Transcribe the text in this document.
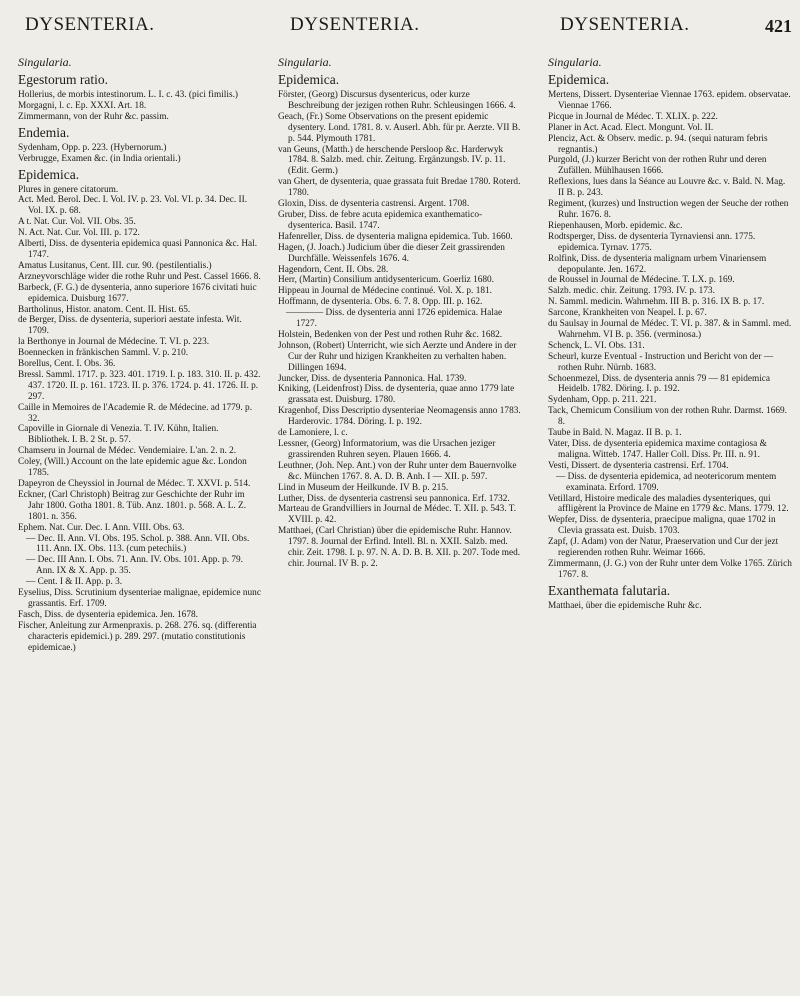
DYSENTERIA.	DYSENTERIA.	DYSENTERIA.	421

Singularia.

Egestorum ratio.

Hollerius, de morbis intestinorum. L. I. c. 43. (pici fimilis.)

Morgagni, l. c. Ep. XXXI. Art. 18.

Zimmermann, von der Ruhr &c. passim.

Endemia.

Sydenham, Opp. p. 223. (Hybernorum.)

Verbrugge, Examen &c. (in India orientali.)

Epidemica.

Plures in genere citatorum.

Act. Med. Berol. Dec. I. Vol. IV. p. 23. Vol. VI. p. 34. Dec. II. Vol. IX. p. 68.

A t. Nat. Cur. Vol. VII. Obs. 35.

N. Act. Nat. Cur. Vol. III. p. 172.

Alberti, Diss. de dysenteria epidemica quasi Pannonica &c. Hal. 1747.

Amatus Lusitanus, Cent. III. cur. 90. (pestilentialis.)

Arzneyvorschläge wider die rothe Ruhr und Pest. Cassel 1666. 8.

Barbeck, (F. G.) de dysenteria, anno superiore 1676 civitati huic epidemica. Duisburg 1677.

Bartholinus, Histor. anatom. Cent. II. Hist. 65.

de Berger, Diss. de dysenteria, superiori aestate infesta. Wit. 1709.

la Berthonye in Journal de Médecine. T. VI. p. 223.

Boennecken in fränkischen Samml. V. p. 210.

Borellus, Cent. I. Obs. 36.

Bressl. Samml. 1717. p. 323. 401. 1719. I. p. 183. 310. II. p. 432. 437. 1720. II. p. 161. 1723. II. p. 376. 1724. p. 41. 1726. II. p. 297.

Caille in Memoires de l'Academie R. de Médecine. ad 1779. p. 32.

Capoville in Giornale di Venezia. T. IV. Kühn, Italien. Bibliothek. I. B. 2 St. p. 57.

Chamseru in Journal de Médec. Vendemiaire. L'an. 2. n. 2.

Coley, (Will.) Account on the late epidemic ague &c. London 1785.

Dapeyron de Cheyssiol in Journal de Médec. T. XXVI. p. 514.

Eckner, (Carl Christoph) Beitrag zur Geschichte der Ruhr im Jahr 1800. Gotha 1801. 8. Tüb. Anz. 1801. p. 568. A. L. Z. 1801. n. 356.

Ephem. Nat. Cur. Dec. I. Ann. VIII. Obs. 63.

— Dec. II. Ann. VI. Obs. 195. Schol. p. 388. Ann. VII. Obs. 111. Ann. IX. Obs. 113. (cum petechiis.)

— Dec. III Ann. I. Obs. 71. Ann. IV. Obs. 101. App. p. 79. Ann. IX & X. App. p. 35.

— Cent. I & II. App. p. 3.

Eyselius, Diss. Scrutinium dysenteriae malignae, epidemice nunc grassantis. Erf. 1709.

Fasch, Diss. de dysenteria epidemica. Jen. 1678.

Fischer, Anleitung zur Armenpraxis. p. 268. 276. sq. (differentia characteris epidemici.) p. 289. 297. (mutatio constitutionis epidemicae.)

Singularia.

Epidemica.

Förster, (Georg) Discursus dysentericus, oder kurze Beschreibung der jezigen rothen Ruhr. Schleusingen 1666. 4.

Geach, (Fr.) Some Observations on the present epidemic dysentery. Lond. 1781. 8. v. Auserl. Abh. für pr. Aerzte. VII B. p. 544. Plymouth 1781.

van Geuns, (Matth.) de herschende Persloop &c. Harderwyk 1784. 8. Salzb. med. chir. Zeitung. Ergänzungsb. IV. p. 11. (Edit. Germ.)

van Ghert, de dysenteria, quae grassata fuit Bredae 1780. Roterd. 1780.

Gloxin, Diss. de dysenteria castrensi. Argent. 1708.

Gruber, Diss. de febre acuta epidemica exanthematico-dysenterica. Basil. 1747.

Hafenreller, Diss. de dysenteria maligna epidemica. Tub. 1660.

Hagen, (J. Joach.) Judicium über die dieser Zeit grassirenden Durchfälle. Weissenfels 1676. 4.

Hagendorn, Cent. II. Obs. 28.

Herr, (Martin) Consilium antidysentericum. Goerliz 1680.

Hippeau in Journal de Médecine continué. Vol. X. p. 181.

Hoffmann, de dysenteria. Obs. 6. 7. 8. Opp. III. p. 162.

———— Diss. de dysenteria anni 1726 epidemica. Halae 1727.

Holstein, Bedenken von der Pest und rothen Ruhr &c. 1682.

Johnson, (Robert) Unterricht, wie sich Aerzte und Andere in der Cur der Ruhr und hizigen Krankheiten zu verhalten haben. Dillingen 1694.

Juncker, Diss. de dysenteria Pannonica. Hal. 1739.

Kniking, (Leidenfrost) Diss. de dysenteria, quae anno 1779 late grassata est. Duisburg. 1780.

Kragenhof, Diss Descriptio dysenteriae Neomagensis anno 1783. Harderovic. 1784. Döring. I. p. 192.

de Lamoniere, l. c.

Lessner, (Georg) Informatorium, was die Ursachen jeziger grassirenden Ruhren seyen. Plauen 1666. 4.

Leuthner, (Joh. Nep. Ant.) von der Ruhr unter dem Bauernvolke &c. München 1767. 8. A. D. B. Anh. I — XII. p. 597.

Lind in Museum der Heilkunde. IV B. p. 215.

Luther, Diss. de dysenteria castrensi seu pannonica. Erf. 1732.

Marteau de Grandvilliers in Journal de Médec. T. XII. p. 543. T. XVIII. p. 42.

Matthaei, (Carl Christian) über die epidemische Ruhr. Hannov. 1797. 8. Journal der Erfind. Intell. Bl. n. XXII. Salzb. med. chir. Zeit. 1798. I. p. 97. N. A. D. B. B. XII. p. 207. Tode med. chir. Journal. IV B. p. 2.

Singularia.

Epidemica.

Mertens, Dissert. Dysenteriae Viennae 1763. epidem. observatae. Viennae 1766.

Picque in Journal de Médec. T. XLIX. p. 222.

Planer in Act. Acad. Elect. Mongunt. Vol. II.

Plenciz, Act. & Observ. medic. p. 94. (sequi naturam febris regnantis.)

Purgold, (J.) kurzer Bericht von der rothen Ruhr und deren Zufällen. Mühlhausen 1666.

Reflexions, lues dans la Séance au Louvre &c. v. Bald. N. Mag. II B. p. 243.

Regiment, (kurzes) und Instruction wegen der Seuche der rothen Ruhr. 1676. 8.

Riepenhausen, Morb. epidemic. &c.

Rodtsperger, Diss. de dysenteria Tyrnaviensi ann. 1775. epidemica. Tyrnav. 1775.

Rolfink, Diss. de dysenteria malignam urbem Vinariensem depopulante. Jen. 1672.

de Roussel in Journal de Médecine. T. LX. p. 169.

Salzb. medic. chir. Zeitung. 1793. IV. p. 173.

N. Samml. medicin. Wahrnehm. III B. p. 316. IX B. p. 17.

Sarcone, Krankheiten von Neapel. I. p. 67.

du Saulsay in Journal de Médec. T. VI. p. 387. & in Samml. med. Wahrnehm. VI B. p. 356. (verminosa.)

Schenck, L. VI. Obs. 131.

Scheurl, kurze Eventual - Instruction und Bericht von der — rothen Ruhr. Nürnb. 1683.

Schoenmezel, Diss. de dysenteria annis 79 — 81 epidemica Heidelb. 1782. Döring. I. p. 192.

Sydenham, Opp. p. 211. 221.

Tack, Chemicum Consilium von der rothen Ruhr. Darmst. 1669. 8.

Taube in Bald. N. Magaz. II B. p. 1.

Vater, Diss. de dysenteria epidemica maxime contagiosa & maligna. Witteb. 1747. Haller Coll. Diss. Pr. III. n. 91.

Vesti, Dissert. de dysenteria castrensi. Erf. 1704.

— Diss. de dysenteria epidemica, ad neotericorum mentem examinata. Erford. 1709.

Vetillard, Histoire medicale des maladies dysenteriques, qui affligèrent la Province de Maine en 1779 &c. Mans. 1779. 12.

Wepfer, Diss. de dysenteria, praecipue maligna, quae 1702 in Clevia grassata est. Duisb. 1703.

Zapf, (J. Adam) von der Natur, Praeservation und Cur der jezt regierenden rothen Ruhr. Weimar 1666.

Zimmermann, (J. G.) von der Ruhr unter dem Volke 1765. Zürich 1767. 8.

Exanthemata falutaria.

Matthaei, über die epidemische Ruhr &c.
